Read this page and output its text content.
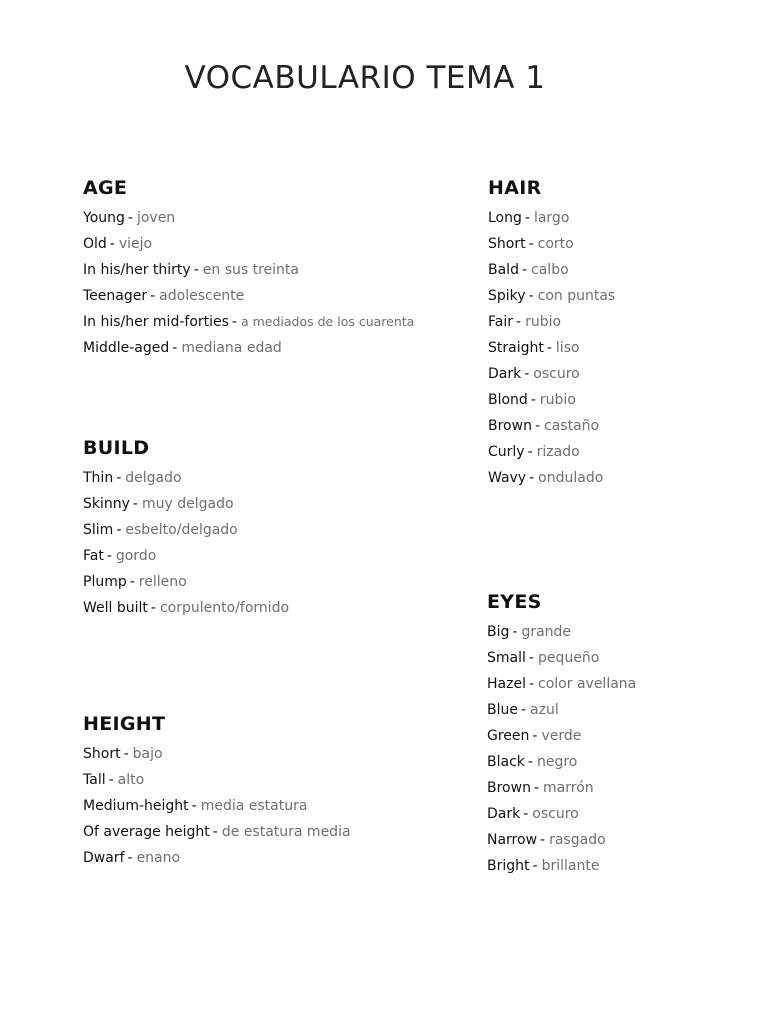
VOCABULARIO TEMA 1
AGE
Young - joven
Old - viejo
In his/her thirty - en sus treinta
Teenager - adolescente
In his/her mid-forties - a mediados de los cuarenta
Middle-aged - mediana edad
BUILD
Thin - delgado
Skinny - muy delgado
Slim - esbelto/delgado
Fat - gordo
Plump - relleno
Well built - corpulento/fornido
HEIGHT
Short - bajo
Tall - alto
Medium-height - media estatura
Of average height - de estatura media
Dwarf - enano
HAIR
Long - largo
Short - corto
Bald - calbo
Spiky - con puntas
Fair - rubio
Straight - liso
Dark - oscuro
Blond - rubio
Brown - castaño
Curly - rizado
Wavy - ondulado
EYES
Big - grande
Small - pequeño
Hazel - color avellana
Blue - azul
Green - verde
Black - negro
Brown - marrón
Dark - oscuro
Narrow - rasgado
Bright - brillante
